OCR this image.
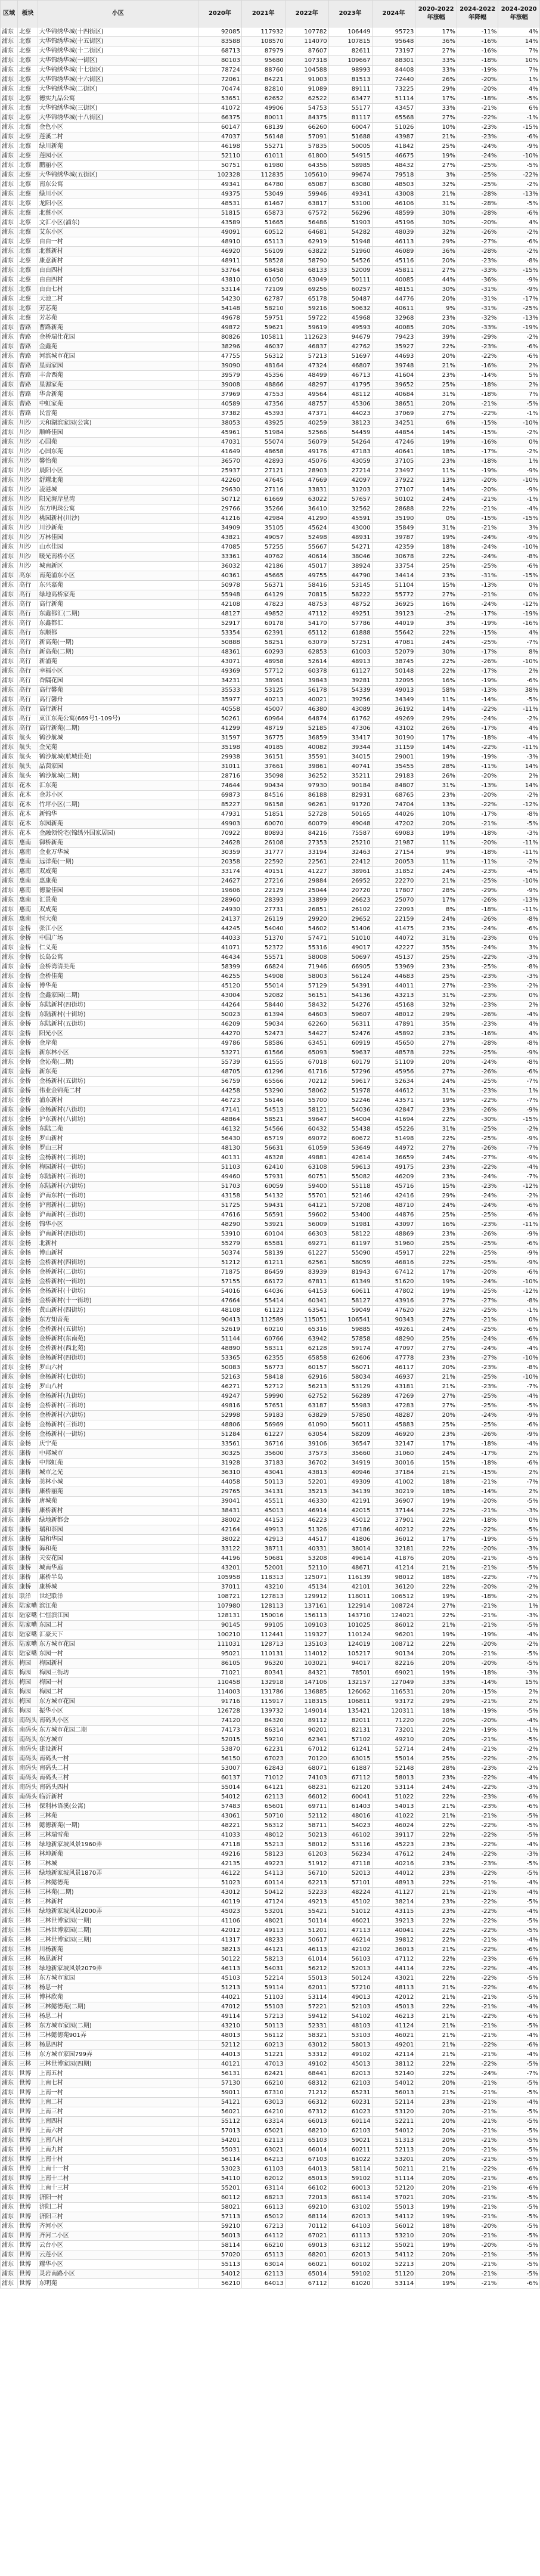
区域	板块	小区	2020年	2021年	2022年	2023年	2024年	2020-2022年涨幅	2024-2022年降幅	2024-2020年涨幅
浦东	北蔡	大华锦绣华城(十四街区)	92085	117932	107782	106449	95723	17%	-11%	4%
浦东	北蔡	大华锦绣华城(十五街区)	83588	108570	114070	107815	95648	36%	-16%	14%
浦东	北蔡	大华锦绣华城(十二街区)	68713	87979	87607	82611	73197	27%	-16%	7%
浦东	北蔡	大华锦绣华城(一街区)	80103	95680	107318	109667	88301	33%	-18%	10%
浦东	北蔡	大华锦绣华城(十七街区)	78724	88760	104588	98993	84408	33%	-19%	7%
浦东	北蔡	大华锦绣华城(十六街区)	72061	84221	91003	81513	72440	26%	-20%	1%
浦东	北蔡	大华锦绣华城(二街区)	70474	82810	91089	89111	73225	29%	-20%	4%
浦东	北蔡	德实九品公寓	53651	62652	62522	63477	51114	17%	-18%	-5%
浦东	北蔡	大华锦绣华城(三街区)	41072	49906	54753	55177	43457	33%	-21%	6%
浦东	北蔡	大华锦绣华城(十八街区)	66375	80011	84375	81117	65568	27%	-22%	-1%
浦东	北蔡	金色小区	60147	68139	66260	60047	51026	10%	-23%	-15%
浦东	北蔡	莲溪二村	47037	56148	57091	51688	43987	21%	-23%	-6%
浦东	北蔡	绿川新苑	46198	55271	57835	50005	41842	25%	-24%	-9%
浦东	北蔡	莲园小区	52110	61011	61800	54915	46675	19%	-24%	-10%
浦东	北蔡	鹏丽小区	50751	61980	64356	58985	48432	27%	-25%	-5%
浦东	北蔡	大华锦绣华城(五街区)	102328	112835	105610	99674	79518	3%	-25%	-22%
浦东	北蔡	南东公寓	49341	64780	65087	63080	48503	32%	-25%	-2%
浦东	北蔡	绿川小区	49375	53049	59946	49341	43008	21%	-28%	-13%
浦东	北蔡	龙阳小区	48531	61467	63817	53100	46106	31%	-28%	-5%
浦东	北蔡	北蔡小区	51815	65873	67572	56296	48599	30%	-28%	-6%
浦东	北蔡	文汇小区(浦东)	43589	51665	56486	51903	45196	30%	-20%	4%
浦东	北蔡	艾东小区	49091	60512	64681	54282	48039	32%	-26%	-2%
浦东	北蔡	由由一村	48910	65113	62919	51948	46113	29%	-27%	-6%
浦东	北蔡	北蔡新村	46920	56109	63822	51960	46089	36%	-28%	-2%
浦东	北蔡	康意新村	48911	58528	58790	54526	45116	20%	-23%	-8%
浦东	北蔡	由由四村	53764	68458	68133	52009	45811	27%	-33%	-15%
浦东	北蔡	由由四村	43810	61050	63049	50111	40085	44%	-36%	-9%
浦东	北蔡	由由七村	53114	72109	69256	60257	48151	30%	-31%	-9%
浦东	北蔡	天池二村	54230	62787	65178	50487	44776	20%	-31%	-17%
浦东	北蔡	芳芯苑	54148	58210	59216	50632	40611	9%	-31%	-25%
浦东	北蔡	芳芯苑	49678	59751	59722	45968	32968	23%	-32%	-13%
浦东	曹路	曹路新苑	49872	59621	59619	49593	40085	20%	-33%	-19%
浦东	曹路	金桥瑞仕花园	80826	105811	112623	94679	79423	39%	-29%	-2%
浦东	曹路	金鑫苑	38296	46037	46837	42762	35927	22%	-23%	-6%
浦东	曹路	河滨城市花园	47755	56312	57213	51697	44693	20%	-22%	-6%
浦东	曹路	星雨家园	39090	48164	47324	46807	39748	21%	-16%	2%
浦东	曹路	丰舍西苑	39579	45356	48499	46713	41604	23%	-14%	5%
浦东	曹路	星源家苑	39008	48866	48297	41795	39652	25%	-18%	2%
浦东	曹路	华舍新苑	37969	47553	49564	48112	40684	31%	-18%	7%
浦东	曹路	中虹家苑	40589	47356	48757	45306	38651	20%	-21%	-5%
浦东	曹路	民雷苑	37382	45393	47371	44023	37069	27%	-22%	-1%
浦东	川沙	天和湖滨家园(公寓)	38053	43925	40259	38123	34251	6%	-15%	-10%
浦东	川沙	顺峰佳园	45961	51984	52566	54459	44854	14%	-15%	-2%
浦东	川沙	心国苑	47031	55074	56079	54264	47246	19%	-16%	0%
浦东	川沙	心国东苑	41649	48658	49176	47183	40641	18%	-17%	-2%
浦东	川沙	馨怡苑	36570	42893	45076	43059	37105	23%	-18%	1%
浦东	川沙	晨阳小区	25937	27121	28903	27214	23497	11%	-19%	-9%
浦东	川沙	舒耀北苑	42260	47645	47669	42097	37922	13%	-20%	-10%
浦东	川沙	凌港城	29630	27116	33831	31203	27107	14%	-20%	-9%
浦东	川沙	阳光海岸星湾	50712	61669	63022	57657	50102	24%	-21%	-1%
浦东	川沙	东方明珠公寓	29766	35266	36410	32562	28688	22%	-21%	-4%
浦东	川沙	桃园新村(川沙)	41216	42984	41290	45591	35190	0%	-15%	-15%
浦东	川沙	川沙新苑	34909	35105	45624	43000	35849	31%	-21%	3%
浦东	川沙	万林佳园	43821	49057	52498	48931	39787	19%	-24%	-9%
浦东	川沙	山水佳园	47085	57255	55667	54271	42359	18%	-24%	-10%
浦东	川沙	暖光南桥小区	33361	40762	40614	38046	30678	22%	-24%	-8%
浦东	川沙	城南新区	36032	42186	45017	38924	33754	25%	-25%	-6%
浦东	高东	南苑浦东小区	40361	45665	49755	44790	34414	23%	-31%	-15%
浦东	高行	东兴嘉苑	50978	56371	58416	53145	51104	15%	-13%	0%
浦东	高行	绿地高桥家苑	55948	64129	70815	58222	55772	27%	-21%	0%
浦东	高行	高行新苑	42108	47823	48753	48752	36925	16%	-24%	-12%
浦东	高行	东鑫都汇(二期)	48127	49852	47112	49251	39123	-2%	-17%	-19%
浦东	高行	东鑫都汇	52917	60178	54170	57786	44019	3%	-19%	-16%
浦东	高行	东顺都	53354	62391	65112	61888	55642	22%	-15%	4%
浦东	高行	新高苑(一期)	50888	58251	63079	57251	47081	24%	-25%	-7%
浦东	高行	新高苑(二期)	48361	60293	62853	61003	52079	30%	-17%	8%
浦东	高行	新浦苑	43071	48958	52614	48913	38745	22%	-26%	-10%
浦东	高行	幸福小区	49369	57712	60378	61127	50148	22%	-17%	2%
浦东	高行	香隅花园	34231	38961	39843	39281	32095	16%	-19%	-6%
浦东	高行	高行馨苑	35533	53125	56178	54339	49013	58%	-13%	38%
浦东	高行	高行馨舟	35977	40213	40021	39256	34349	11%	-14%	-5%
浦东	高行	高行新村	40558	45007	46380	43089	36192	14%	-22%	-11%
浦东	高行	東江东苑公寓(669号1-109号)	50261	60964	64874	61762	49269	29%	-24%	-2%
浦东	高行	高行新苑(二期)	41299	48719	52185	47306	43102	26%	-17%	4%
浦东	航头	鹤沙航城	31597	36775	36859	33417	30190	17%	-18%	-4%
浦东	航头	金光苑	35198	40185	40082	39344	31159	14%	-22%	-11%
浦东	航头	鹤沙航城(航城佳苑)	29938	36151	35591	34015	29001	19%	-19%	-3%
浦东	航头	晶茵家园	31011	37661	39861	40741	35455	28%	-11%	14%
浦东	航头	鹤沙航城(二期)	28716	35098	36252	35211	29183	26%	-20%	2%
浦东	花木	汇东苑	74644	90434	97930	90184	84807	31%	-13%	14%
浦东	花木	金苏小区	69873	84516	86188	82931	68765	23%	-20%	-2%
浦东	花木	竹坪小区(二期)	85227	96158	96261	91720	74704	13%	-22%	-12%
浦东	花木	新锦华	47931	51851	52728	50165	44026	10%	-17%	-8%
浦东	花木	东园新苑	49903	60070	60079	49048	47202	20%	-21%	-5%
浦东	花木	金融领悦宅(锦绣外国家居园)	70922	80893	84216	75587	69083	19%	-18%	-3%
浦东	惠南	御桥新苑	24628	26108	27353	25210	21987	11%	-20%	-11%
浦东	惠南	金业万华城	30359	31777	33194	32463	27154	9%	-18%	-11%
浦东	惠南	远洋苑(一期)	20358	22592	22561	22412	20053	11%	-11%	-2%
浦东	惠南	双威苑	33174	40151	41227	38961	31852	24%	-23%	-4%
浦东	惠南	惠康苑	24627	27216	29884	26952	22270	21%	-25%	-10%
浦东	惠南	德盈佳园	19606	22129	25044	20720	17807	28%	-29%	-9%
浦东	惠南	汇景苑	28960	28393	33899	26623	25070	17%	-26%	-13%
浦东	惠南	双成苑	24930	27731	26851	26102	22093	8%	-18%	-11%
浦东	惠南	恒大苑	24137	26119	29920	29652	22159	24%	-26%	-8%
浦东	金桥	张江小区	44245	54040	54602	51406	41475	23%	-24%	-6%
浦东	金桥	中国广场	44033	51370	57471	51010	44072	31%	-23%	0%
浦东	金桥	仁义苑	41071	52372	55316	49017	42227	35%	-24%	3%
浦东	金桥	长岛公寓	46434	55571	58008	50697	45137	25%	-22%	-3%
浦东	金桥	金桥湾清美苑	58399	66824	71946	66905	53969	23%	-25%	-8%
浦东	金桥	金桥佳苑	46255	54908	58003	56124	44683	25%	-23%	-3%
浦东	金桥	博华苑	45120	55014	57129	54391	44011	27%	-23%	-2%
浦东	金桥	金鑫家园(二期)	43004	52082	56151	54136	43213	31%	-23%	0%
浦东	金桥	东陆新村(四街坊)	44264	58440	58432	54276	45168	32%	-23%	2%
浦东	金桥	东陆新村(十街坊)	50023	61394	64603	59607	48012	29%	-26%	-4%
浦东	金桥	东陆新村(五街坊)	46209	59034	62260	56311	47891	35%	-23%	4%
浦东	金桥	阳光小区	44270	52473	54427	52476	45892	23%	-16%	4%
浦东	金桥	金岸苑	49786	58586	63451	60919	45650	27%	-28%	-8%
浦东	金桥	新东林小区	53271	61566	65093	59637	48578	22%	-25%	-9%
浦东	金桥	金沁苑(二期)	55739	61555	67018	60179	51109	20%	-24%	-8%
浦东	金桥	新东苑	48705	61296	61716	57296	45956	27%	-26%	-6%
浦东	金桥	金杨新村(五街坊)	56759	65566	70212	59617	52634	24%	-25%	-7%
浦东	金桥	伟业金锦苑二村	44258	53290	58062	51978	44612	31%	-23%	1%
浦东	金桥	浦东新村	46723	56146	55700	52246	43571	19%	-22%	-7%
浦东	金桥	金杨新村(八街坊)	47141	54513	58121	54036	42847	23%	-26%	-9%
浦东	金杨	沪东新村(八街坊)	48864	58521	59647	54004	41694	22%	-30%	-15%
浦东	金杨	东陆二苑	46132	54566	60432	55438	45226	31%	-25%	-2%
浦东	金杨	罗山新村	56430	65719	69072	60672	51498	22%	-25%	-9%
浦东	金杨	罗山三村	48130	56631	61059	53649	44972	27%	-26%	-7%
浦东	金杨	金杨新村(二街坊)	40131	46328	49881	42614	36659	24%	-27%	-9%
浦东	金杨	梅园新村(一街坊)	51103	62410	63108	59613	49175	23%	-22%	-4%
浦东	金杨	东陆新村(三街坊)	49460	57931	60751	55082	46209	23%	-24%	-7%
浦东	金杨	东陆新村(六街坊)	51703	60059	59400	55118	45716	15%	-23%	-12%
浦东	金杨	沪南东村(一街坊)	43158	54132	55701	52146	42416	29%	-24%	-2%
浦东	金杨	沪南新村(二街坊)	51725	59431	64121	57208	48710	24%	-24%	-6%
浦东	金杨	沪南新村(三街坊)	47616	56591	59602	53400	44876	25%	-25%	-6%
浦东	金杨	锦华小区	48290	53921	56009	51981	43097	16%	-23%	-11%
浦东	金杨	沪南新村(四街坊)	53910	60104	66303	58122	48869	23%	-26%	-9%
浦东	金杨	北新村	55279	65581	69271	61197	51960	25%	-25%	-6%
浦东	金杨	博山新村	50374	58139	61227	55090	45917	22%	-25%	-9%
浦东	金杨	金桥新村(四街坊)	51212	61211	62561	58059	46816	22%	-25%	-9%
浦东	金杨	金桥新村(二街坊)	71875	86459	83939	81943	67412	17%	-20%	-6%
浦东	金杨	金桥新村(一街坊)	57155	66172	67811	61349	51620	19%	-24%	-10%
浦东	金杨	金杨新村(十街坊)	54016	64036	64153	60611	47802	19%	-25%	-12%
浦东	金杨	金桥新村(十一街坊)	47664	55414	60341	58127	43916	27%	-27%	-8%
浦东	金杨	黄山新村(四街坊)	48108	61123	63541	59049	47620	32%	-25%	-1%
浦东	金杨	东方知音苑	90413	112589	115051	106541	90343	27%	-21%	0%
浦东	金杨	金桥新村(五街坊)	52619	60210	65316	59885	49261	24%	-25%	-6%
浦东	金杨	金桥新村(东南苑)	51144	60766	63942	57858	48290	25%	-24%	-6%
浦东	金杨	金桥新村(西北苑)	48890	58311	62128	59174	47097	27%	-24%	-4%
浦东	金杨	金杨新村(四街坊)	53365	62355	65858	62606	47778	23%	-27%	-10%
浦东	金杨	罗山六村	50083	56773	60157	56071	46117	20%	-23%	-8%
浦东	金杨	金杨新村(七街坊)	52163	58418	62916	58034	46937	21%	-25%	-10%
浦东	金杨	罗山八村	46271	52712	56213	53129	43181	21%	-23%	-7%
浦东	金杨	金杨新村(九街坊)	49247	59990	62752	56289	47269	27%	-25%	-4%
浦东	金杨	金桥新村(三街坊)	49816	57651	63187	55983	47283	27%	-25%	-5%
浦东	金杨	金桥新村(六街坊)	52998	59183	63829	57850	48287	20%	-24%	-9%
浦东	金杨	金杨新村(三街坊)	48806	56969	61090	56011	45883	25%	-25%	-6%
浦东	金杨	金杨新村(一街坊)	51284	61227	63054	58209	46920	23%	-26%	-9%
浦东	金杨	庆宁苑	33561	36716	39106	36547	32147	17%	-18%	-4%
浦东	康桥	中邦城市	30325	35600	37573	35660	31060	24%	-17%	2%
浦东	康桥	中邦虹苑	31928	37183	36702	34919	30016	15%	-18%	-6%
浦东	康桥	城市之光	36310	43041	43813	40946	37184	21%	-15%	2%
浦东	康桥	美林小城	44058	50113	52201	49309	41002	18%	-21%	-7%
浦东	康桥	康桥丽苑	29765	34131	35213	34139	30219	18%	-14%	2%
浦东	康桥	唐城苑	39041	45511	46330	42191	36907	19%	-20%	-5%
浦东	康桥	康桥新村	38431	45013	46914	42015	37144	22%	-21%	-3%
浦东	康桥	绿地新都会	38002	44153	46223	45012	37901	22%	-18%	0%
浦东	康桥	瑞和茶园	42164	49913	51326	47186	40212	22%	-22%	-5%
浦东	康桥	瑞和华园	38022	42913	44517	41806	36012	17%	-19%	-5%
浦东	康桥	海和苑	33122	38711	40331	38014	32181	22%	-20%	-3%
浦东	康桥	天安花园	44196	50681	53208	49614	41876	20%	-21%	-5%
浦东	康桥	城南华庭	43201	52001	52110	48671	41214	21%	-21%	-5%
浦东	康桥	康桥半岛	105958	118313	125071	116139	98012	18%	-22%	-7%
浦东	康桥	康桥城	37011	43210	45134	42101	36120	22%	-20%	-2%
浦东	联洋	世纪联洋	108721	127813	129912	118011	106512	19%	-18%	-2%
浦东	陆家嘴	滨江苑	107980	128113	137161	122914	108724	27%	-21%	1%
浦东	陆家嘴	仁恒滨江园	128131	150016	156113	143710	124021	22%	-21%	-3%
浦东	陆家嘴	东园二村	90145	99105	109103	101025	86012	21%	-21%	-5%
浦东	陆家嘴	汇豪天下	100210	112441	119327	110124	96201	19%	-19%	-4%
浦东	陆家嘴	东方城市花园	111031	128713	135103	124019	108712	22%	-20%	-2%
浦东	陆家嘴	东园一村	95021	110131	114012	105217	90134	20%	-21%	-5%
浦东	梅园	梅园新村	86105	96320	103021	94017	82216	20%	-20%	-5%
浦东	梅园	梅园三街坊	71021	80341	84321	78501	69021	19%	-18%	-3%
浦东	梅园	梅园一村	110458	132918	147106	132157	127049	33%	-14%	15%
浦东	梅园	梅园二村	114003	131786	136885	126062	116531	20%	-15%	2%
浦东	梅园	东方城市花园	91716	115917	118315	106811	93172	29%	-21%	2%
浦东	梅园	振华小区	126728	139732	149014	135421	120311	18%	-19%	-5%
浦东	南码头	南码头小区	74120	84320	89112	82011	71220	20%	-20%	-4%
浦东	南码头	东方城市花园二期	74173	86314	90201	82131	73201	22%	-19%	-1%
浦东	南码头	东方城市	52015	59210	62341	57102	49210	20%	-21%	-5%
浦东	南码头	建设新村	53870	62231	67012	61241	52714	24%	-21%	-2%
浦东	南码头	南码头一村	56150	67023	70120	63015	55014	25%	-22%	-2%
浦东	南码头	南码头二村	53007	62843	68071	61887	52148	28%	-23%	-2%
浦东	南码头	南码头三村	60137	71012	74103	67112	58013	23%	-22%	-4%
浦东	南码头	南码头四村	55014	64121	68231	62120	53114	24%	-22%	-3%
浦东	南码头	临沂新村	54012	62113	66012	60041	51022	22%	-23%	-6%
浦东	三林	保利林语溪(公寓)	57483	65601	69711	61403	54013	21%	-23%	-6%
浦东	三林	三林苑	43061	50710	52112	48016	41022	21%	-21%	-5%
浦东	三林	懿德新苑(一期)	48221	56312	58711	54023	46024	22%	-22%	-5%
浦东	三林	三林瑞雪苑	41033	48012	50213	46102	39117	22%	-22%	-5%
浦东	三林	绿地新家坡风景1960弄	47118	55213	58012	53116	45223	23%	-22%	-4%
浦东	三林	林坤新苑	49216	58123	61203	56234	47612	24%	-22%	-3%
浦东	三林	三林城	42135	49223	51912	47118	40216	23%	-23%	-5%
浦东	三林	绿地新家坡风景1870弄	46122	54113	56710	52013	44012	23%	-22%	-5%
浦东	三林	三林懿德苑	51023	60114	62213	57101	48913	22%	-21%	-4%
浦东	三林	三林苑(二期)	43012	50412	52233	48224	41127	21%	-21%	-4%
浦东	三林	三林新村	40119	47124	49213	45102	38214	23%	-22%	-5%
浦东	三林	绿地新家坡风景2000弄	45023	53201	55421	51012	43115	23%	-22%	-4%
浦东	三林	三林世博家园(一期)	41106	48021	50114	46021	39213	22%	-22%	-5%
浦东	三林	三林世博家园(二期)	42012	49113	51201	47113	40041	22%	-22%	-5%
浦东	三林	三林世博家园(三期)	41317	48233	50617	46214	39812	22%	-21%	-4%
浦东	三林	川杨新苑	38213	44121	46113	42102	36013	21%	-22%	-6%
浦东	三林	杨思新村	50122	58213	61014	56103	47112	22%	-23%	-6%
浦东	三林	绿地新家坡风景2079弄	46113	54031	56212	52013	44114	22%	-22%	-4%
浦东	三林	东方城市家园	45103	52214	55013	50124	43021	22%	-22%	-5%
浦东	三林	杨思一村	51213	59114	62011	57210	48113	21%	-22%	-6%
浦东	三林	博林欣苑	44021	51103	53114	49013	42012	21%	-21%	-5%
浦东	三林	三林懿德苑(二期)	47012	55103	57221	52103	45013	22%	-21%	-4%
浦东	三林	杨思二村	49114	57213	59412	54102	46213	21%	-22%	-6%
浦东	三林	东方城市家园(二期)	43210	50113	52331	48103	41124	21%	-21%	-5%
浦东	三林	三林懿德苑901弄	48013	56112	58321	53103	46021	21%	-21%	-4%
浦东	三林	杨思四村	52112	60213	63012	58013	49201	21%	-22%	-6%
浦东	三林	东方城市家园799弄	44013	51221	53312	49102	42114	21%	-21%	-4%
浦东	三林	三林世博家园(四期)	40121	47013	49102	45013	38112	22%	-22%	-5%
浦东	世博	上南五村	56131	62421	68441	62013	52140	22%	-24%	-7%
浦东	世博	上南七村	57130	66210	68312	62103	54012	20%	-21%	-5%
浦东	世博	上南一村	59011	67310	71212	65231	56013	21%	-21%	-5%
浦东	世博	上南二村	54121	63013	66312	60231	52114	23%	-21%	-4%
浦东	世博	上南三村	56021	64210	67312	61023	53120	20%	-21%	-5%
浦东	世博	上南四村	55112	63314	66013	60114	52211	20%	-21%	-5%
浦东	世博	上南六村	57013	65021	68210	62103	54012	20%	-21%	-5%
浦东	世博	上南八村	54201	62113	65103	59021	51313	20%	-21%	-5%
浦东	世博	上南九村	55031	63021	66014	60211	52113	20%	-21%	-5%
浦东	世博	上南十村	56114	64213	67103	61022	53201	20%	-21%	-5%
浦东	世博	上南十一村	53023	61103	64013	58114	50211	21%	-22%	-6%
浦东	世博	上南十二村	54110	62012	65013	59102	51114	20%	-21%	-6%
浦东	世博	上南十三村	55201	63114	66102	60013	52120	20%	-21%	-6%
浦东	世博	济阳一村	60112	68213	72013	66114	57021	20%	-21%	-5%
浦东	世博	济阳二村	58021	66113	69210	63102	55013	19%	-21%	-5%
浦东	世博	济阳三村	57113	65012	68114	62013	54112	19%	-21%	-5%
浦东	世博	齐河小区	59210	67213	70112	64103	56012	18%	-20%	-5%
浦东	世博	齐河二小区	56013	64112	67021	61113	53210	20%	-21%	-5%
浦东	世博	云台小区	58114	66210	69013	63112	55021	19%	-20%	-5%
浦东	世博	云莲小区	57020	65113	68201	62013	54112	20%	-21%	-5%
浦东	世博	耀华小区	55113	63014	66021	60102	52213	20%	-21%	-5%
浦东	世博	灵岩南路小区	54012	62113	65014	59102	51120	20%	-21%	-5%
浦东	世博	东明苑	56210	64013	67112	61020	53114	19%	-21%	-6%
